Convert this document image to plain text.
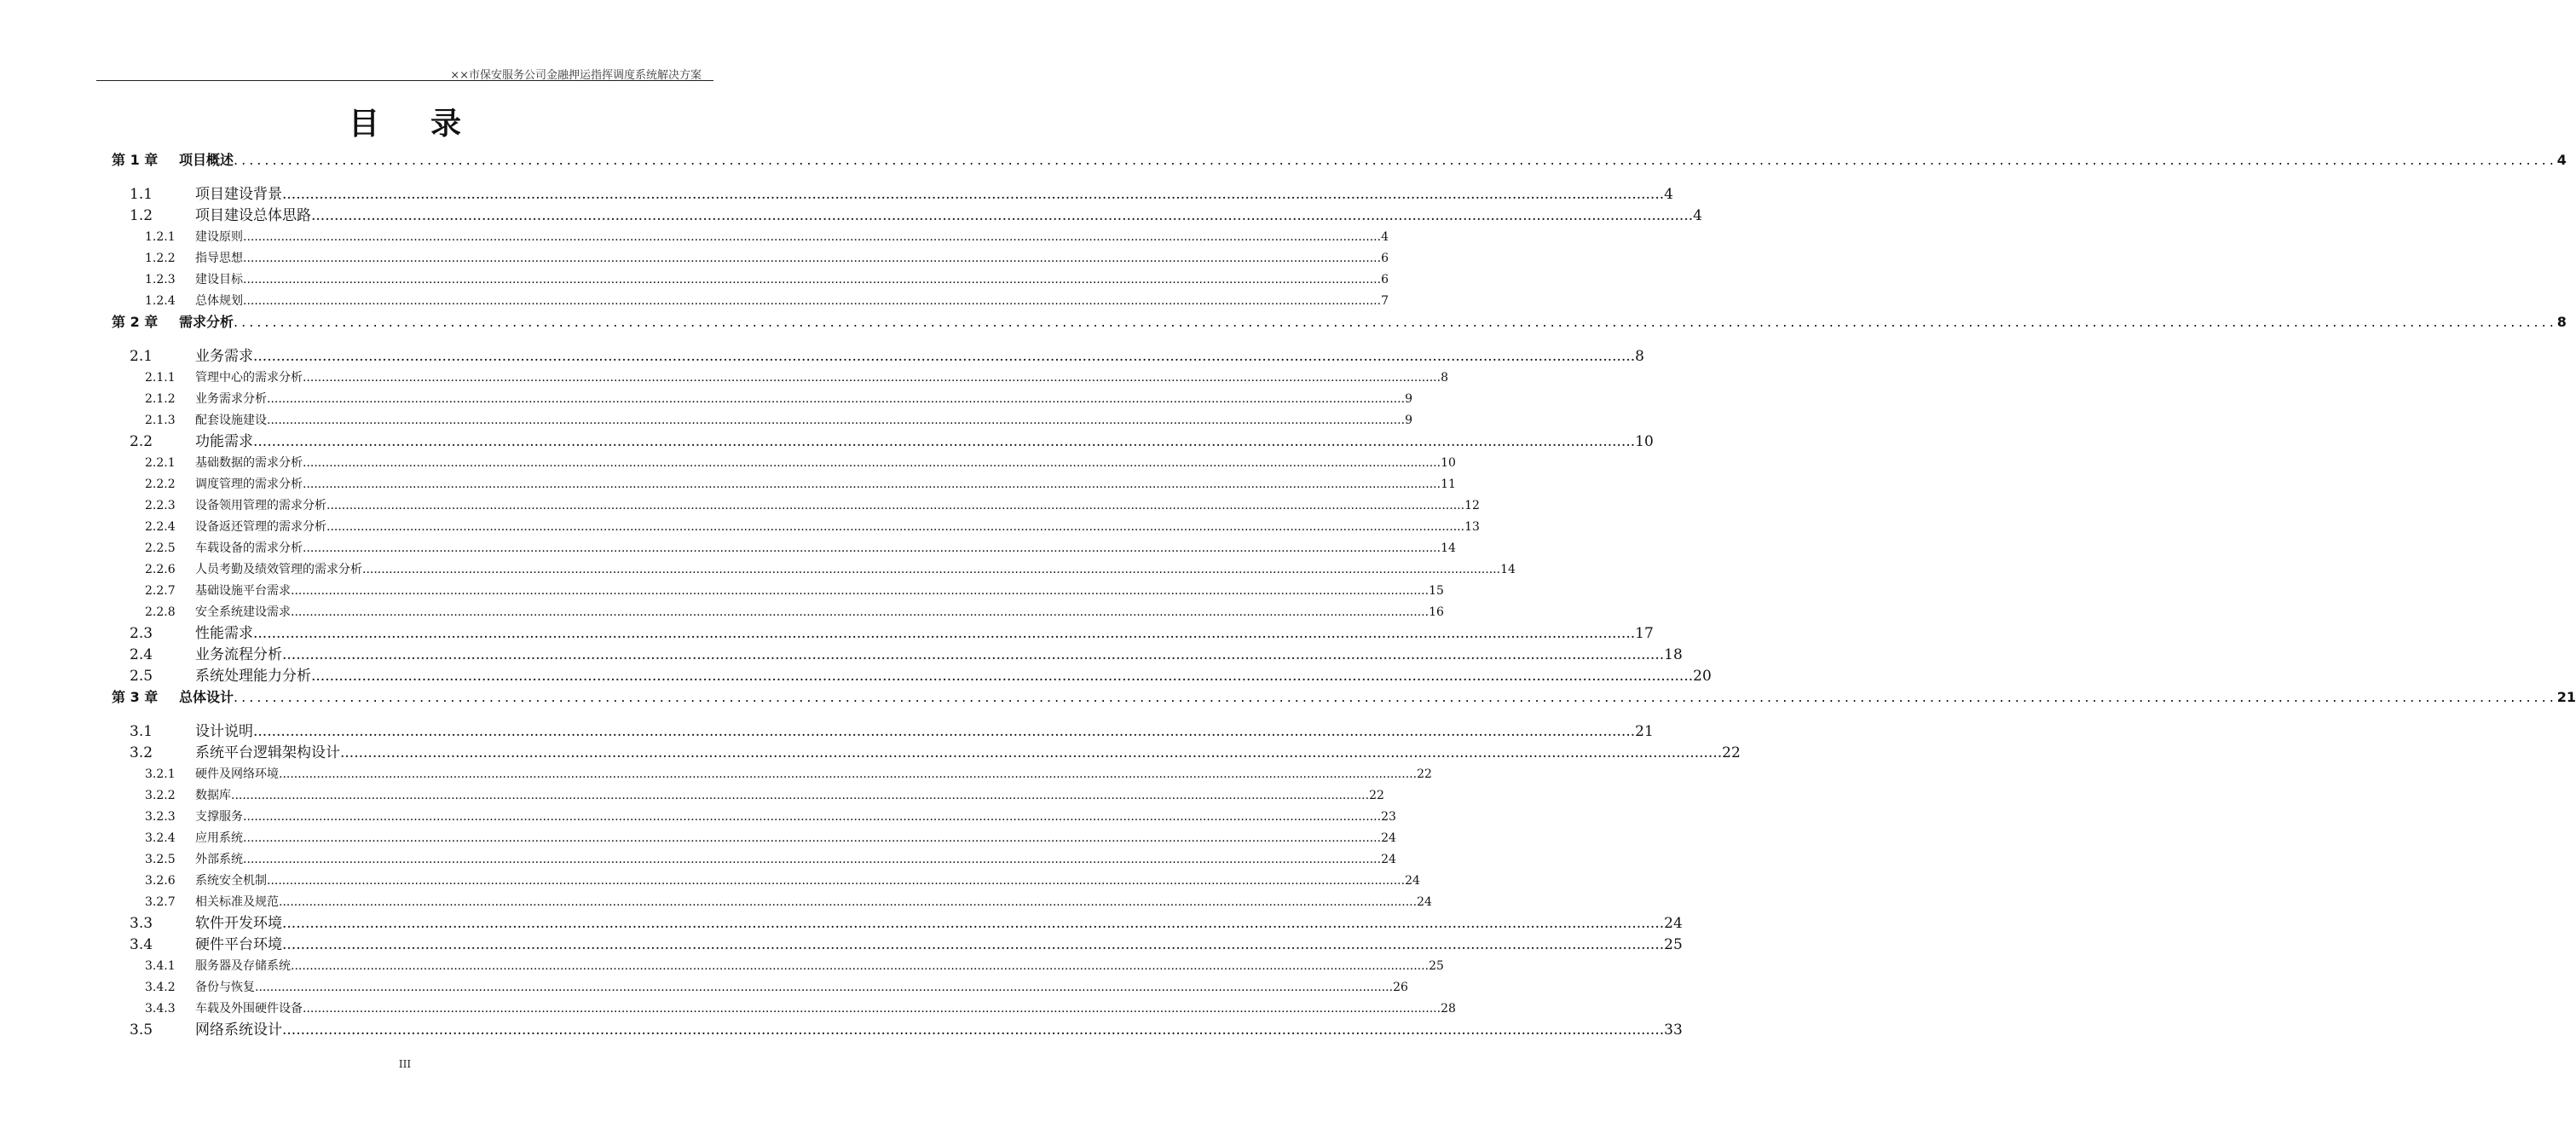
××市保安服务公司金融押运指挥调度系统解决方案
目录
第 1 章	项目概述 ............................................................................................................................................................................................................................................................................................................ 4
1.1	项目建设背景 ............................................................................................................................................................................................................................................................................................................ 4
1.2	项目建设总体思路 ............................................................................................................................................................................................................................................................................................................ 4
1.2.1	建设原则 ............................................................................................................................................................................................................................................................................................................ 4
1.2.2	指导思想 ............................................................................................................................................................................................................................................................................................................ 6
1.2.3	建设目标 ............................................................................................................................................................................................................................................................................................................ 6
1.2.4	总体规划 ............................................................................................................................................................................................................................................................................................................ 7
第 2 章	需求分析 ............................................................................................................................................................................................................................................................................................................ 8
2.1	业务需求 ............................................................................................................................................................................................................................................................................................................ 8
2.1.1	管理中心的需求分析 ............................................................................................................................................................................................................................................................................................................ 8
2.1.2	业务需求分析 ............................................................................................................................................................................................................................................................................................................ 9
2.1.3	配套设施建设 ............................................................................................................................................................................................................................................................................................................ 9
2.2	功能需求 ............................................................................................................................................................................................................................................................................................................ 10
2.2.1	基础数据的需求分析 ............................................................................................................................................................................................................................................................................................................ 10
2.2.2	调度管理的需求分析 ............................................................................................................................................................................................................................................................................................................ 11
2.2.3	设备领用管理的需求分析 ............................................................................................................................................................................................................................................................................................................ 12
2.2.4	设备返还管理的需求分析 ............................................................................................................................................................................................................................................................................................................ 13
2.2.5	车载设备的需求分析 ............................................................................................................................................................................................................................................................................................................ 14
2.2.6	人员考勤及绩效管理的需求分析 ............................................................................................................................................................................................................................................................................................................ 14
2.2.7	基础设施平台需求 ............................................................................................................................................................................................................................................................................................................ 15
2.2.8	安全系统建设需求 ............................................................................................................................................................................................................................................................................................................ 16
2.3	性能需求 ............................................................................................................................................................................................................................................................................................................ 17
2.4	业务流程分析 ............................................................................................................................................................................................................................................................................................................ 18
2.5	系统处理能力分析 ............................................................................................................................................................................................................................................................................................................ 20
第 3 章	总体设计 ............................................................................................................................................................................................................................................................................................................ 21
3.1	设计说明 ............................................................................................................................................................................................................................................................................................................ 21
3.2	系统平台逻辑架构设计 ............................................................................................................................................................................................................................................................................................................ 22
3.2.1	硬件及网络环境 ............................................................................................................................................................................................................................................................................................................ 22
3.2.2	数据库 ............................................................................................................................................................................................................................................................................................................ 22
3.2.3	支撑服务 ............................................................................................................................................................................................................................................................................................................ 23
3.2.4	应用系统 ............................................................................................................................................................................................................................................................................................................ 24
3.2.5	外部系统 ............................................................................................................................................................................................................................................................................................................ 24
3.2.6	系统安全机制 ............................................................................................................................................................................................................................................................................................................ 24
3.2.7	相关标准及规范 ............................................................................................................................................................................................................................................................................................................ 24
3.3	软件开发环境 ............................................................................................................................................................................................................................................................................................................ 24
3.4	硬件平台环境 ............................................................................................................................................................................................................................................................................................................ 25
3.4.1	服务器及存储系统 ............................................................................................................................................................................................................................................................................................................ 25
3.4.2	备份与恢复 ............................................................................................................................................................................................................................................................................................................ 26
3.4.3	车载及外围硬件设备 ............................................................................................................................................................................................................................................................................................................ 28
3.5	网络系统设计 ............................................................................................................................................................................................................................................................................................................ 33
III
